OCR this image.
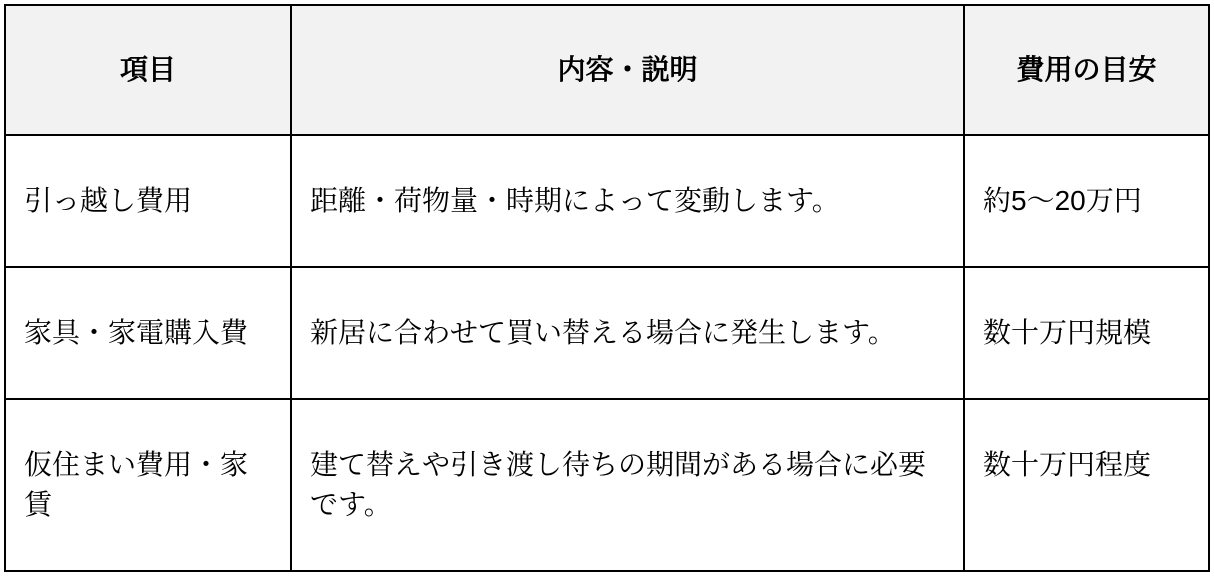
項目	内容・説明	費用の目安
引っ越し費用	距離・荷物量・時期によって変動します。	約5〜20万円
家具・家電購入費	新居に合わせて買い替える場合に発生します。	数十万円規模
仮住まい費用・家賃	建て替えや引き渡し待ちの期間がある場合に必要です。	数十万円程度
